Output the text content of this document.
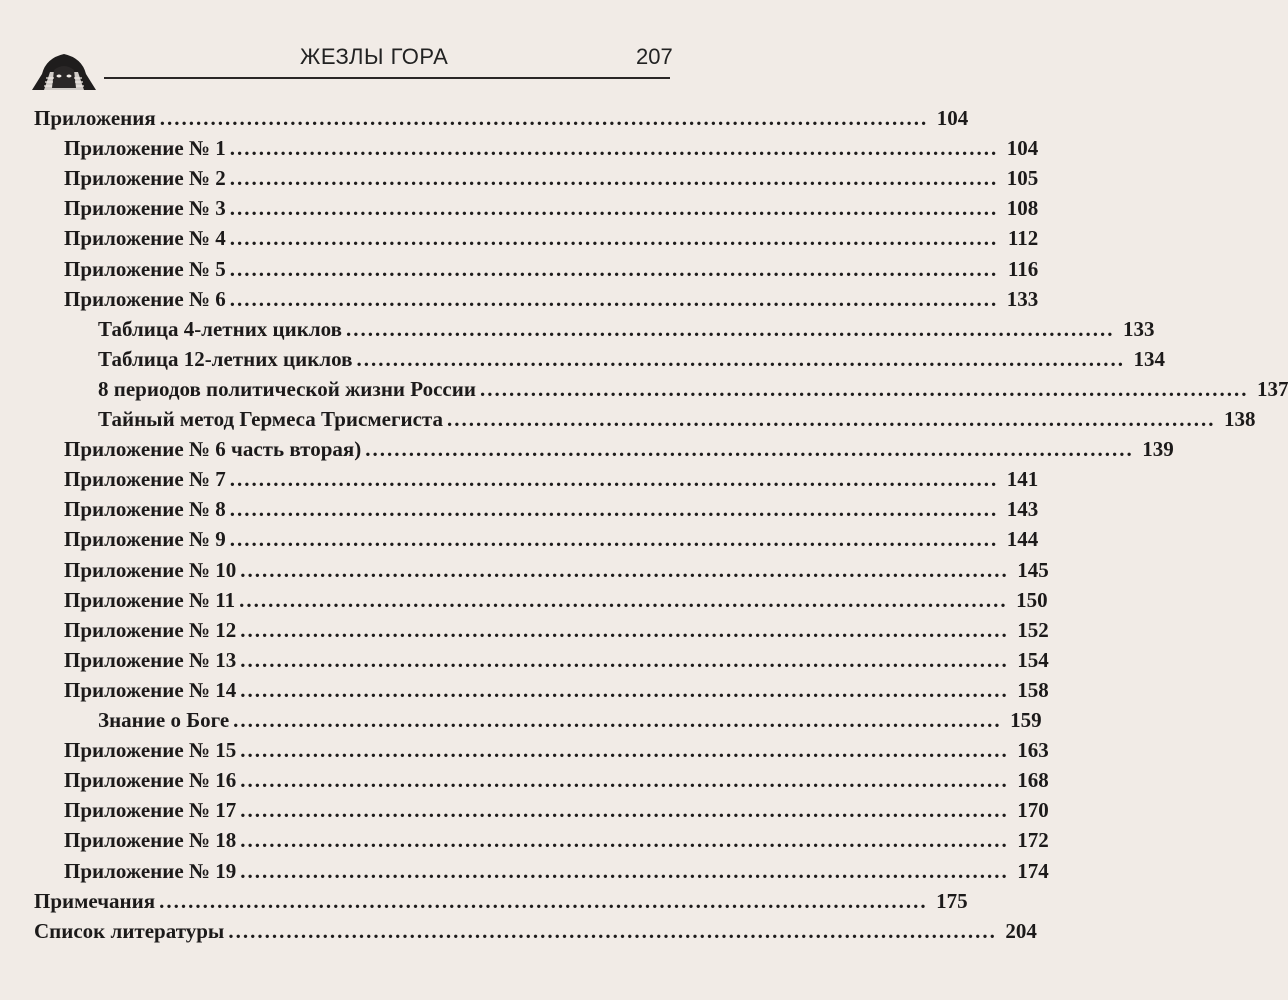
ЖЕЗЛЫ ГОРА	207
Приложения .......................................................................................................... 104
Приложение № 1 .......................................................................................................... 104
Приложение № 2 .......................................................................................................... 105
Приложение № 3 .......................................................................................................... 108
Приложение № 4 .......................................................................................................... 112
Приложение № 5 .......................................................................................................... 116
Приложение № 6 .......................................................................................................... 133
Таблица 4-летних циклов .......................................................................................................... 133
Таблица 12-летних циклов .......................................................................................................... 134
8 периодов политической жизни России .......................................................................................................... 137
Тайный метод Гермеса Трисмегиста .......................................................................................................... 138
Приложение № 6 часть вторая) .......................................................................................................... 139
Приложение № 7 .......................................................................................................... 141
Приложение № 8 .......................................................................................................... 143
Приложение № 9 .......................................................................................................... 144
Приложение № 10 .......................................................................................................... 145
Приложение № 11 .......................................................................................................... 150
Приложение № 12 .......................................................................................................... 152
Приложение № 13 .......................................................................................................... 154
Приложение № 14 .......................................................................................................... 158
Знание о Боге .......................................................................................................... 159
Приложение № 15 .......................................................................................................... 163
Приложение № 16 .......................................................................................................... 168
Приложение № 17 .......................................................................................................... 170
Приложение № 18 .......................................................................................................... 172
Приложение № 19 .......................................................................................................... 174
Примечания .......................................................................................................... 175
Список литературы .......................................................................................................... 204
